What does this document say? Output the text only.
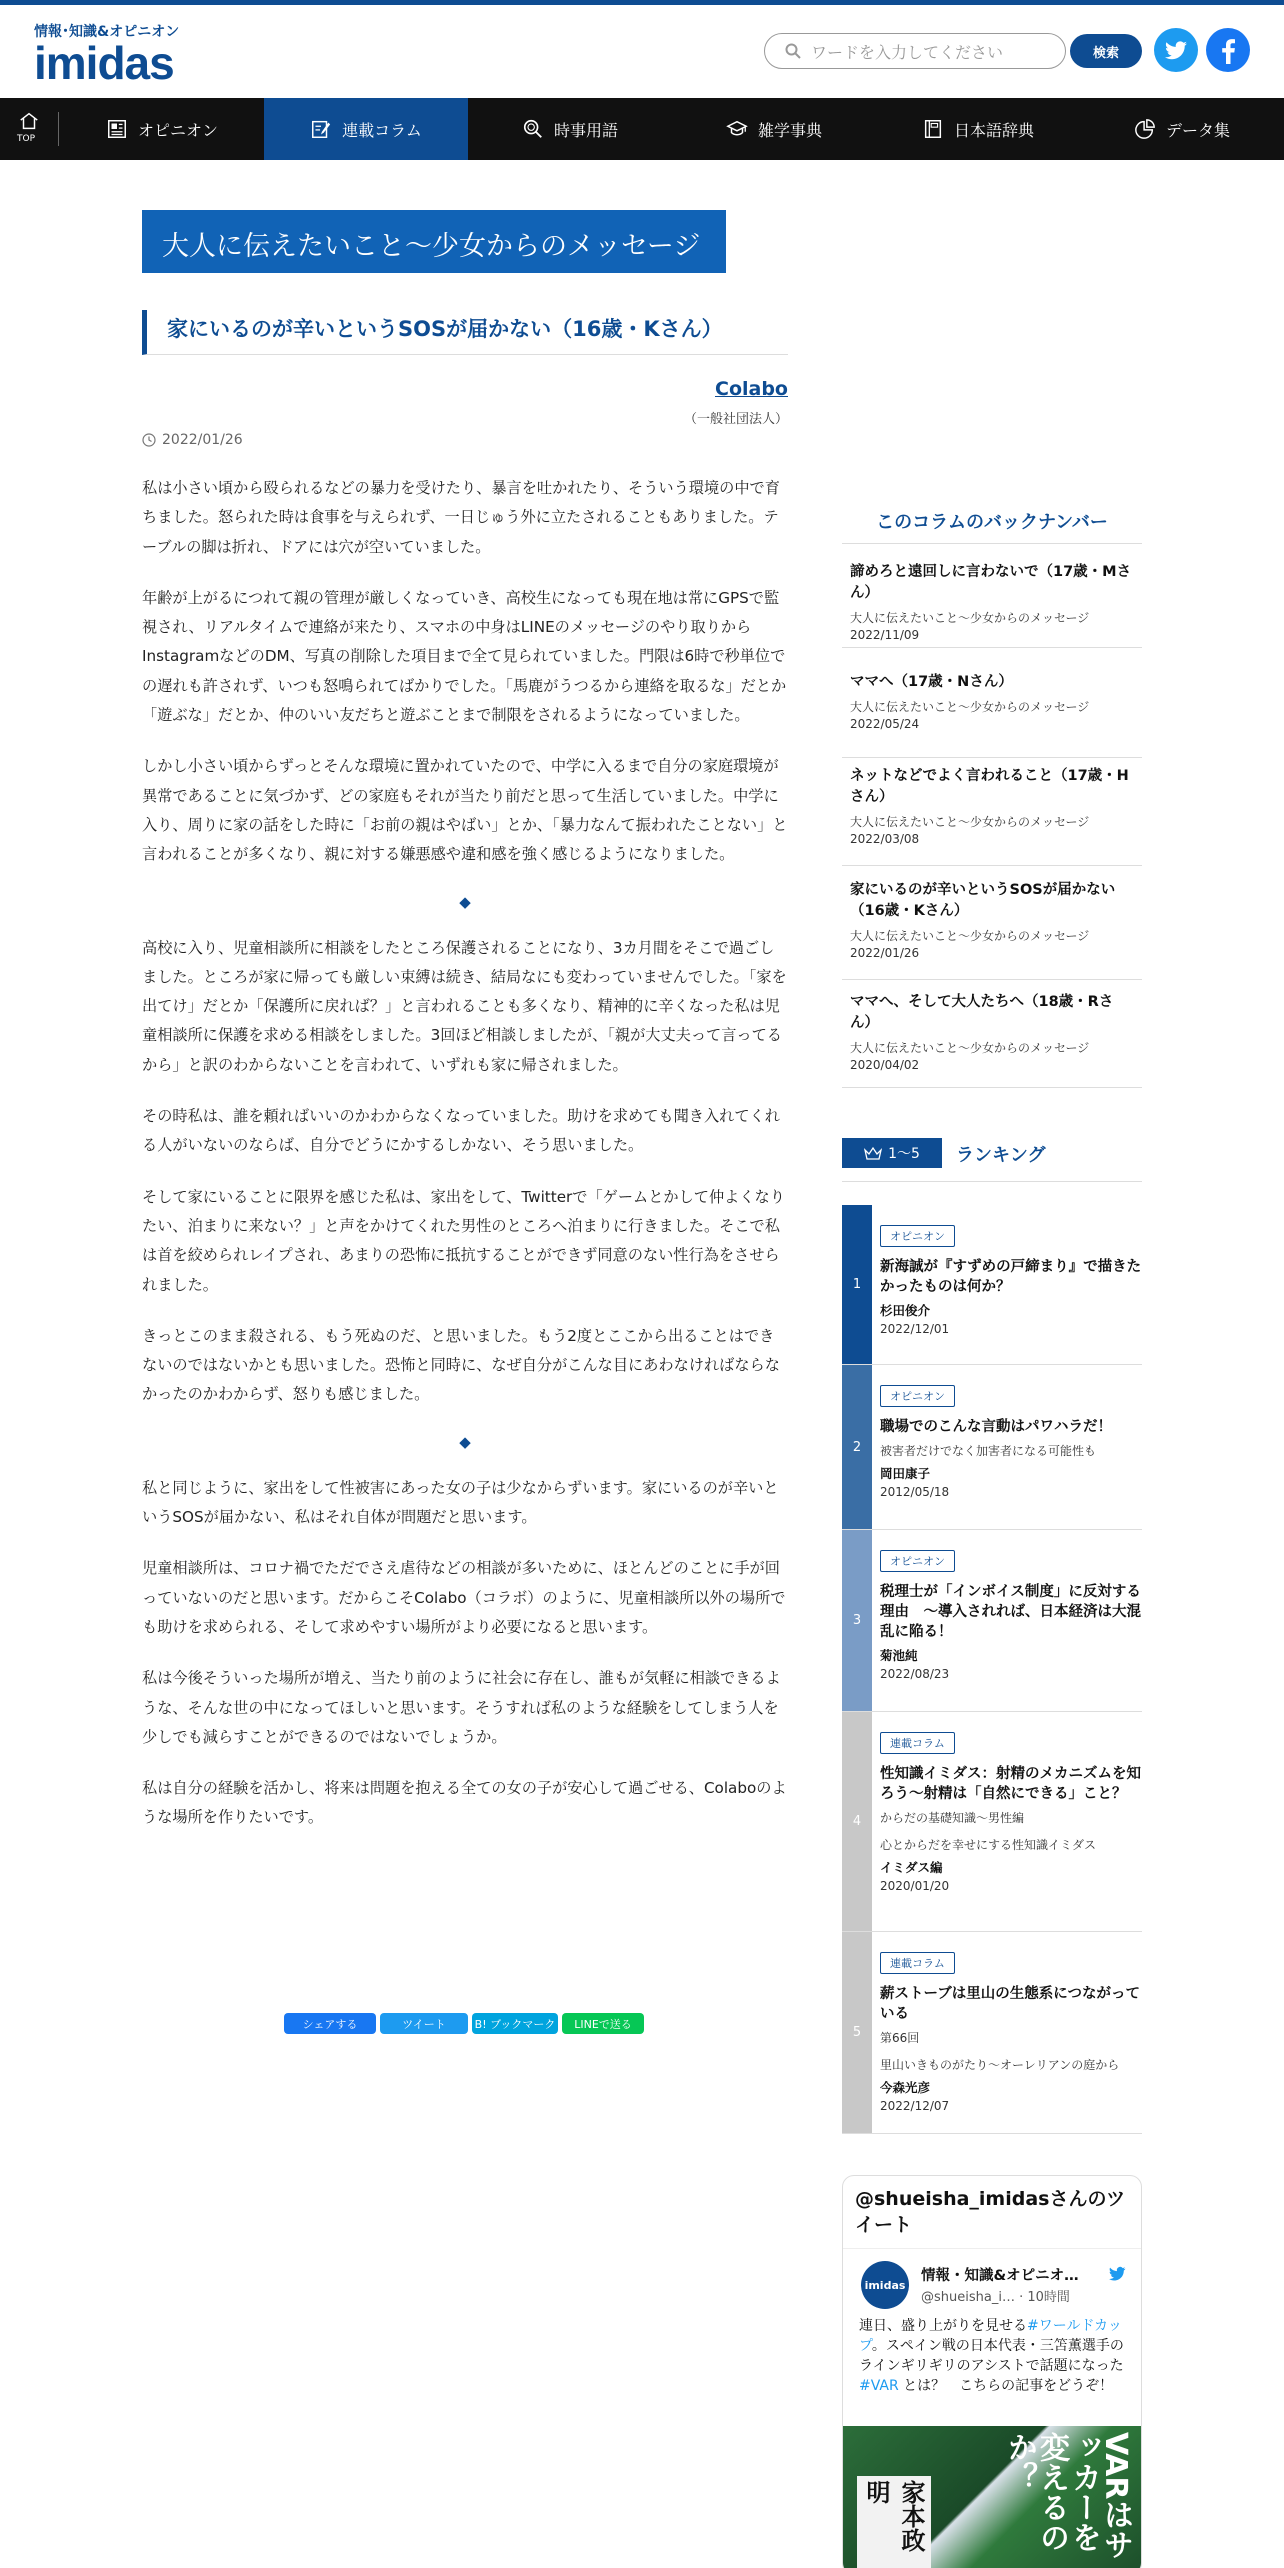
情報･知識&オピニオン
imidas
ワードを入力してください	検索
TOP	オピニオン	連載コラム	時事用語	雑学事典	日本語辞典	データ集
大人に伝えたいこと～少女からのメッセージ
家にいるのが辛いというSOSが届かない（16歳・Kさん）
Colabo
（一般社団法人）
2022/01/26

私は小さい頃から殴られるなどの暴力を受けたり、暴言を吐かれたり、そういう環境の中で育ちました。怒られた時は食事を与えられず、一日じゅう外に立たされることもありました。テーブルの脚は折れ、ドアには穴が空いていました。

年齢が上がるにつれて親の管理が厳しくなっていき、高校生になっても現在地は常にGPSで監視され、リアルタイムで連絡が来たり、スマホの中身はLINEのメッセージのやり取りからInstagramなどのDM、写真の削除した項目まで全て見られていました。門限は6時で秒単位での遅れも許されず、いつも怒鳴られてばかりでした。「馬鹿がうつるから連絡を取るな」だとか「遊ぶな」だとか、仲のいい友だちと遊ぶことまで制限をされるようになっていました。

しかし小さい頃からずっとそんな環境に置かれていたので、中学に入るまで自分の家庭環境が異常であることに気づかず、どの家庭もそれが当たり前だと思って生活していました。中学に入り、周りに家の話をした時に「お前の親はやばい」とか、「暴力なんて振われたことない」と言われることが多くなり、親に対する嫌悪感や違和感を強く感じるようになりました。

◆

高校に入り、児童相談所に相談をしたところ保護されることになり、3カ月間をそこで過ごしました。ところが家に帰っても厳しい束縛は続き、結局なにも変わっていませんでした。「家を出てけ」だとか「保護所に戻れば？」と言われることも多くなり、精神的に辛くなった私は児童相談所に保護を求める相談をしました。3回ほど相談しましたが、「親が大丈夫って言ってるから」と訳のわからないことを言われて、いずれも家に帰されました。

その時私は、誰を頼ればいいのかわからなくなっていました。助けを求めても聞き入れてくれる人がいないのならば、自分でどうにかするしかない、そう思いました。

そして家にいることに限界を感じた私は、家出をして、Twitterで「ゲームとかして仲よくなりたい、泊まりに来ない？」と声をかけてくれた男性のところへ泊まりに行きました。そこで私は首を絞められレイプされ、あまりの恐怖に抵抗することができず同意のない性行為をさせられました。

きっとこのまま殺される、もう死ぬのだ、と思いました。もう2度とここから出ることはできないのではないかとも思いました。恐怖と同時に、なぜ自分がこんな目にあわなければならなかったのかわからず、怒りも感じました。

◆

私と同じように、家出をして性被害にあった女の子は少なからずいます。家にいるのが辛いというSOSが届かない、私はそれ自体が問題だと思います。

児童相談所は、コロナ禍でただでさえ虐待などの相談が多いために、ほとんどのことに手が回っていないのだと思います。だからこそColabo（コラボ）のように、児童相談所以外の場所でも助けを求められる、そして求めやすい場所がより必要になると思います。

私は今後そういった場所が増え、当たり前のように社会に存在し、誰もが気軽に相談できるような、そんな世の中になってほしいと思います。そうすれば私のような経験をしてしまう人を少しでも減らすことができるのではないでしょうか。

私は自分の経験を活かし、将来は問題を抱える全ての女の子が安心して過ごせる、Colaboのような場所を作りたいです。

シェアする	ツイート	B! ブックマーク LINEで送る
このコラムのバックナンバー
諦めろと遠回しに言わないで（17歳・Mさん）
大人に伝えたいこと～少女からのメッセージ
2022/11/09
ママへ（17歳・Nさん）
大人に伝えたいこと～少女からのメッセージ
2022/05/24
ネットなどでよく言われること（17歳・Hさん）
大人に伝えたいこと～少女からのメッセージ
2022/03/08
家にいるのが辛いというSOSが届かない（16歳・Kさん）
大人に伝えたいこと～少女からのメッセージ
2022/01/26
ママへ、そして大人たちへ（18歳・Rさん）
大人に伝えたいこと～少女からのメッセージ
2020/04/02
1～5 ランキング
1
オピニオン
新海誠が『すずめの戸締まり』で描きたかったものは何か？
杉田俊介
2022/12/01
2
オピニオン
職場でのこんな言動はパワハラだ！
被害者だけでなく加害者になる可能性も
岡田康子
2012/05/18
3
オピニオン
税理士が「インボイス制度」に反対する理由　～導入されれば、日本経済は大混乱に陥る！
菊池純
2022/08/23
4
連載コラム
性知識イミダス：射精のメカニズムを知ろう～射精は「自然にできる」こと？
からだの基礎知識～男性編
心とからだを幸せにする性知識イミダス
イミダス編
2020/01/20
5
連載コラム
薪ストーブは里山の生態系につながっている
第66回
里山いきものがたり～オーレリアンの庭から
今森光彦
2022/12/07
@shueisha_imidasさんのツイート
imidas
情報・知識&オピニオ…
@shueisha_i… · 10時間
連日、盛り上がりを見せる#ワールドカップ。スペイン戦の日本代表・三笘薫選手のラインギリギリのアシストで話題になった#VAR とは？　こちらの記事をどうぞ！
VARはサッカーを変えるのか？
家本政明
